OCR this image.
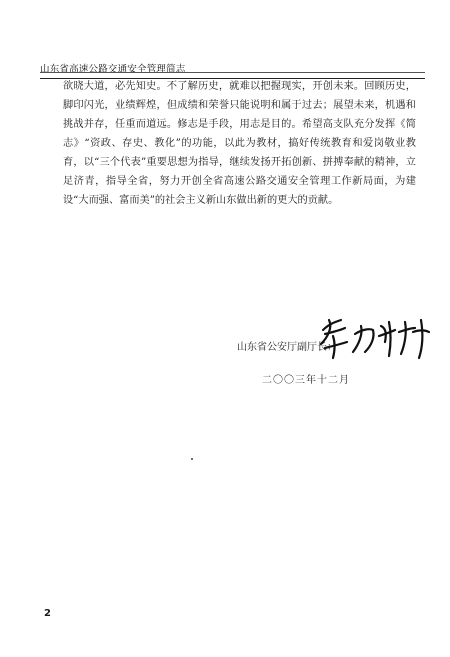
山东省高速公路交通安全管理简志

欲晓大道，必先知史。不了解历史，就难以把握现实，开创未来。回顾历史，脚印闪光，业绩辉煌，但成绩和荣誉只能说明和属于过去；展望未来，机遇和挑战并存，任重而道远。修志是手段，用志是目的。希望高支队充分发挥《简志》“资政、存史、教化”的功能，以此为教材，搞好传统教育和爱岗敬业教育，以“三个代表”重要思想为指导，继续发扬开拓创新、拼搏奉献的精神，立足济青，指导全省，努力开创全省高速公路交通安全管理工作新局面，为建设“大而强、富而美”的社会主义新山东做出新的更大的贡献。

山东省公安厅副厅长：
二〇〇三年十二月
2
